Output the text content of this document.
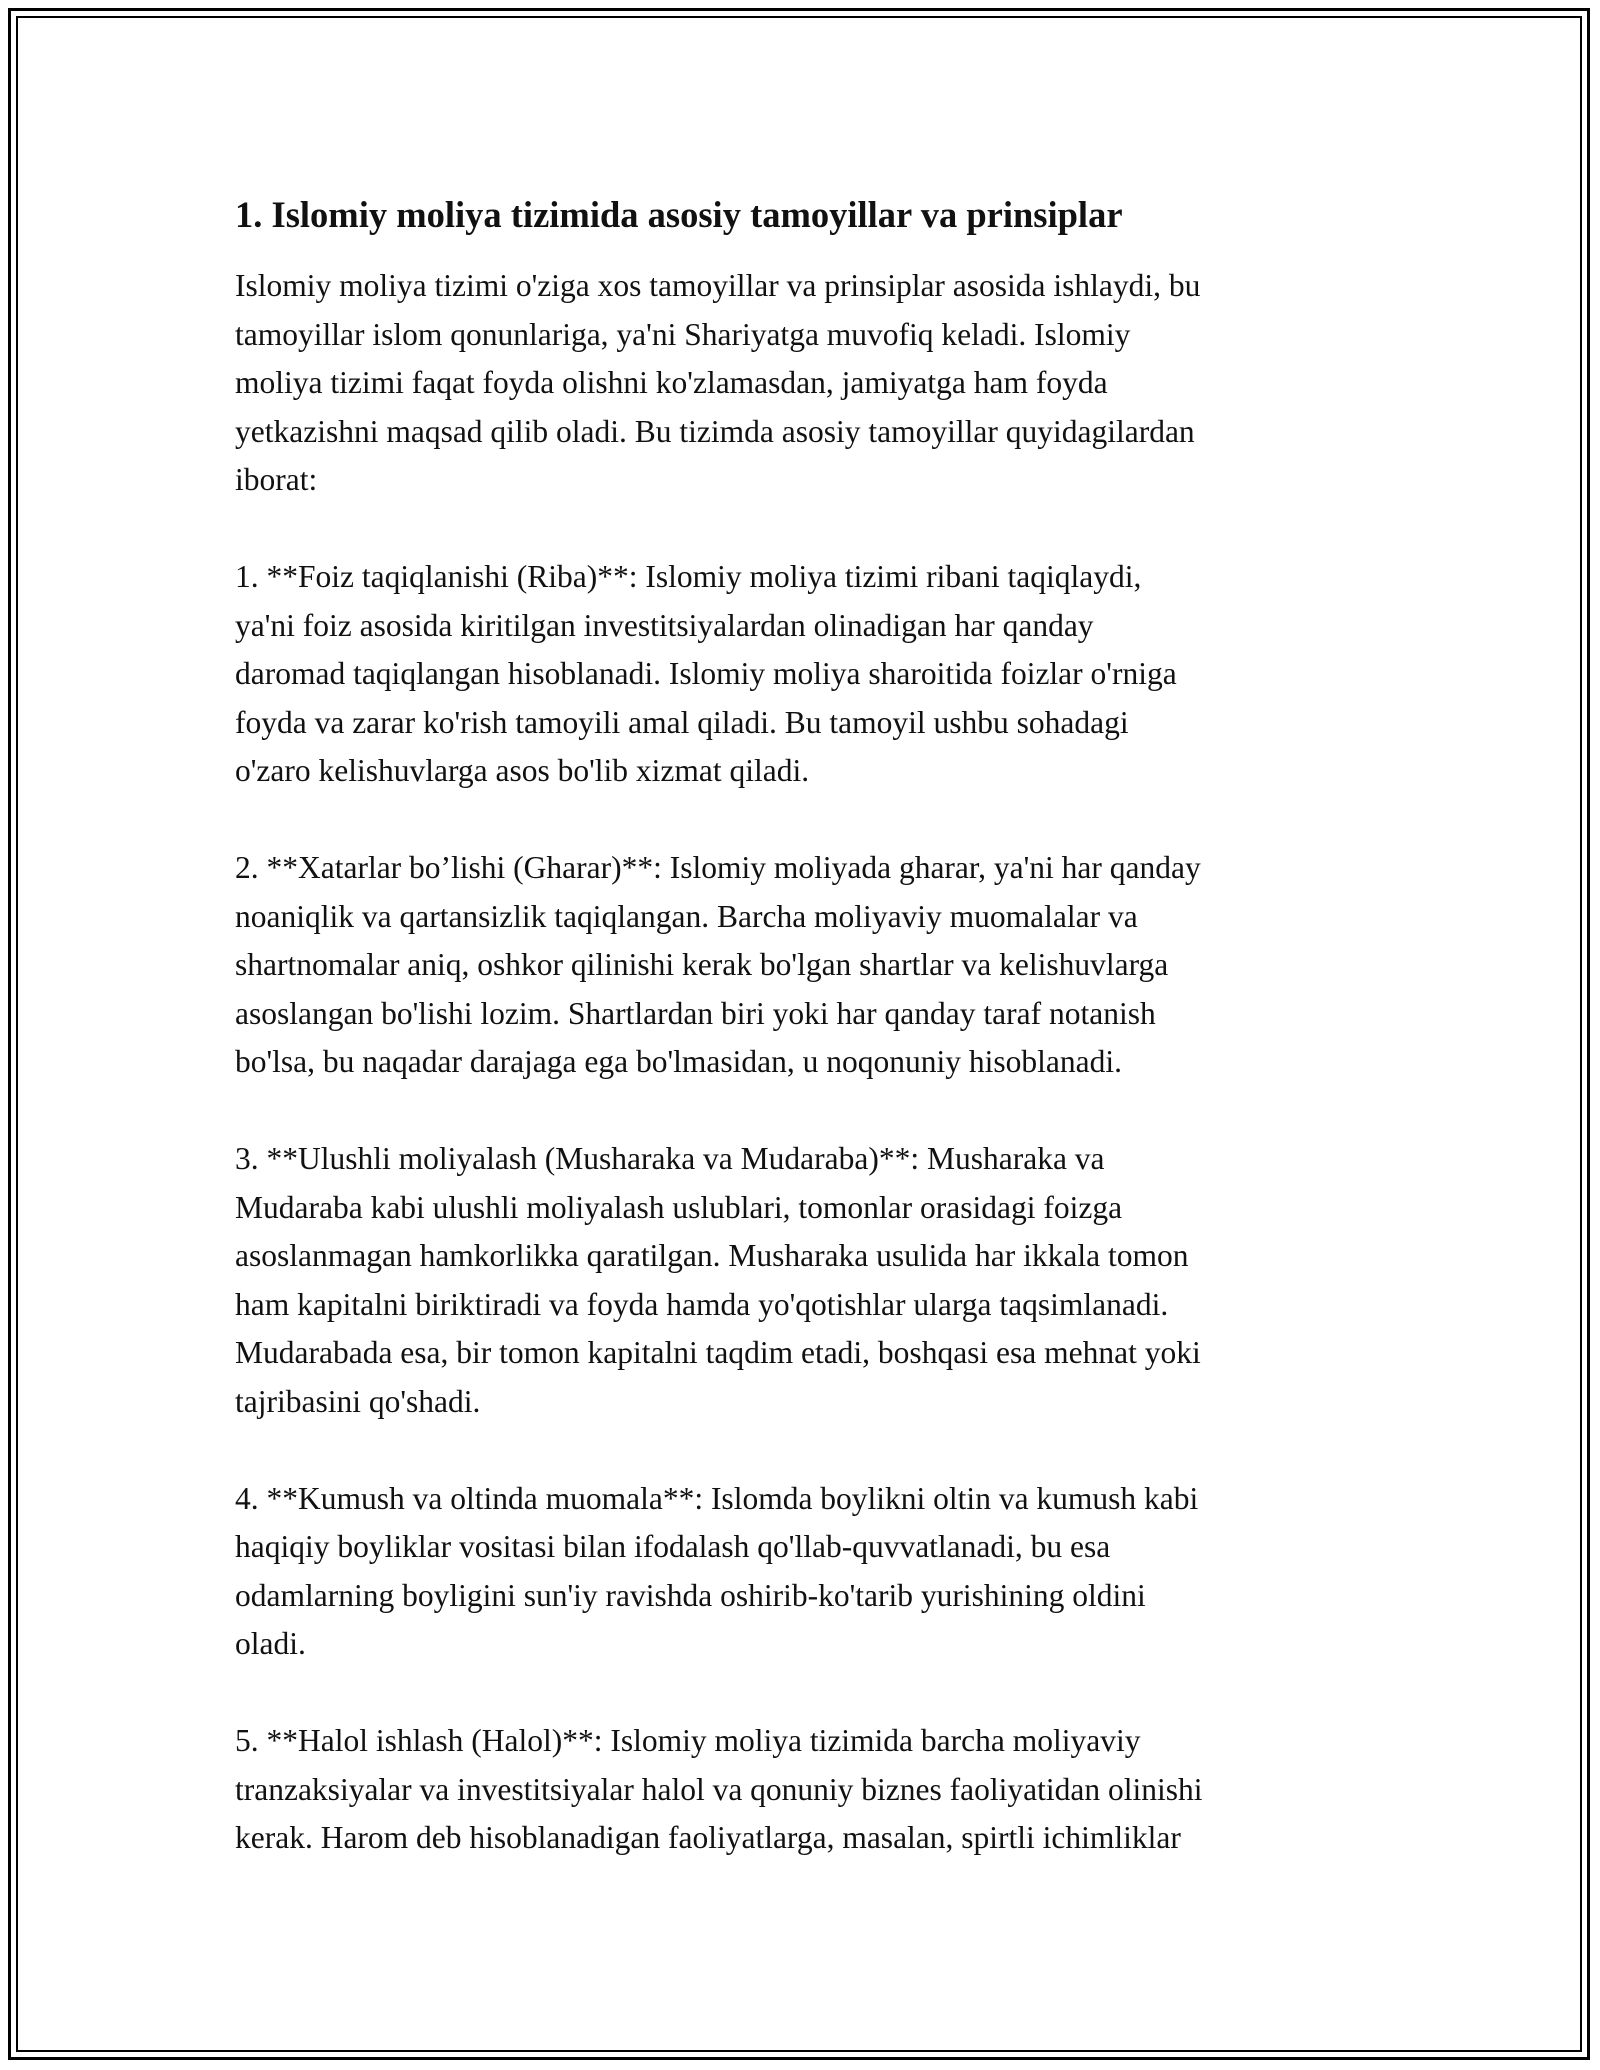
1. Islomiy moliya tizimida asosiy tamoyillar va prinsiplar
Islomiy moliya tizimi o'ziga xos tamoyillar va prinsiplar asosida ishlaydi, bu
tamoyillar islom qonunlariga, ya'ni Shariyatga muvofiq keladi. Islomiy
moliya tizimi faqat foyda olishni ko'zlamasdan, jamiyatga ham foyda
yetkazishni maqsad qilib oladi. Bu tizimda asosiy tamoyillar quyidagilardan
iborat:
1. **Foiz taqiqlanishi (Riba)**: Islomiy moliya tizimi ribani taqiqlaydi,
ya'ni foiz asosida kiritilgan investitsiyalardan olinadigan har qanday
daromad taqiqlangan hisoblanadi. Islomiy moliya sharoitida foizlar o'rniga
foyda va zarar ko'rish tamoyili amal qiladi. Bu tamoyil ushbu sohadagi
o'zaro kelishuvlarga asos bo'lib xizmat qiladi.
2. **Xatarlar bo’lishi (Gharar)**: Islomiy moliyada gharar, ya'ni har qanday
noaniqlik va qartansizlik taqiqlangan. Barcha moliyaviy muomalalar va
shartnomalar aniq, oshkor qilinishi kerak bo'lgan shartlar va kelishuvlarga
asoslangan bo'lishi lozim. Shartlardan biri yoki har qanday taraf notanish
bo'lsa, bu naqadar darajaga ega bo'lmasidan, u noqonuniy hisoblanadi.
3. **Ulushli moliyalash (Musharaka va Mudaraba)**: Musharaka va
Mudaraba kabi ulushli moliyalash uslublari, tomonlar orasidagi foizga
asoslanmagan hamkorlikka qaratilgan. Musharaka usulida har ikkala tomon
ham kapitalni biriktiradi va foyda hamda yo'qotishlar ularga taqsimlanadi.
Mudarabada esa, bir tomon kapitalni taqdim etadi, boshqasi esa mehnat yoki
tajribasini qo'shadi.
4. **Kumush va oltinda muomala**: Islomda boylikni oltin va kumush kabi
haqiqiy boyliklar vositasi bilan ifodalash qo'llab-quvvatlanadi, bu esa
odamlarning boyligini sun'iy ravishda oshirib-ko'tarib yurishining oldini
oladi.
5. **Halol ishlash (Halol)**: Islomiy moliya tizimida barcha moliyaviy
tranzaksiyalar va investitsiyalar halol va qonuniy biznes faoliyatidan olinishi
kerak. Harom deb hisoblanadigan faoliyatlarga, masalan, spirtli ichimliklar
